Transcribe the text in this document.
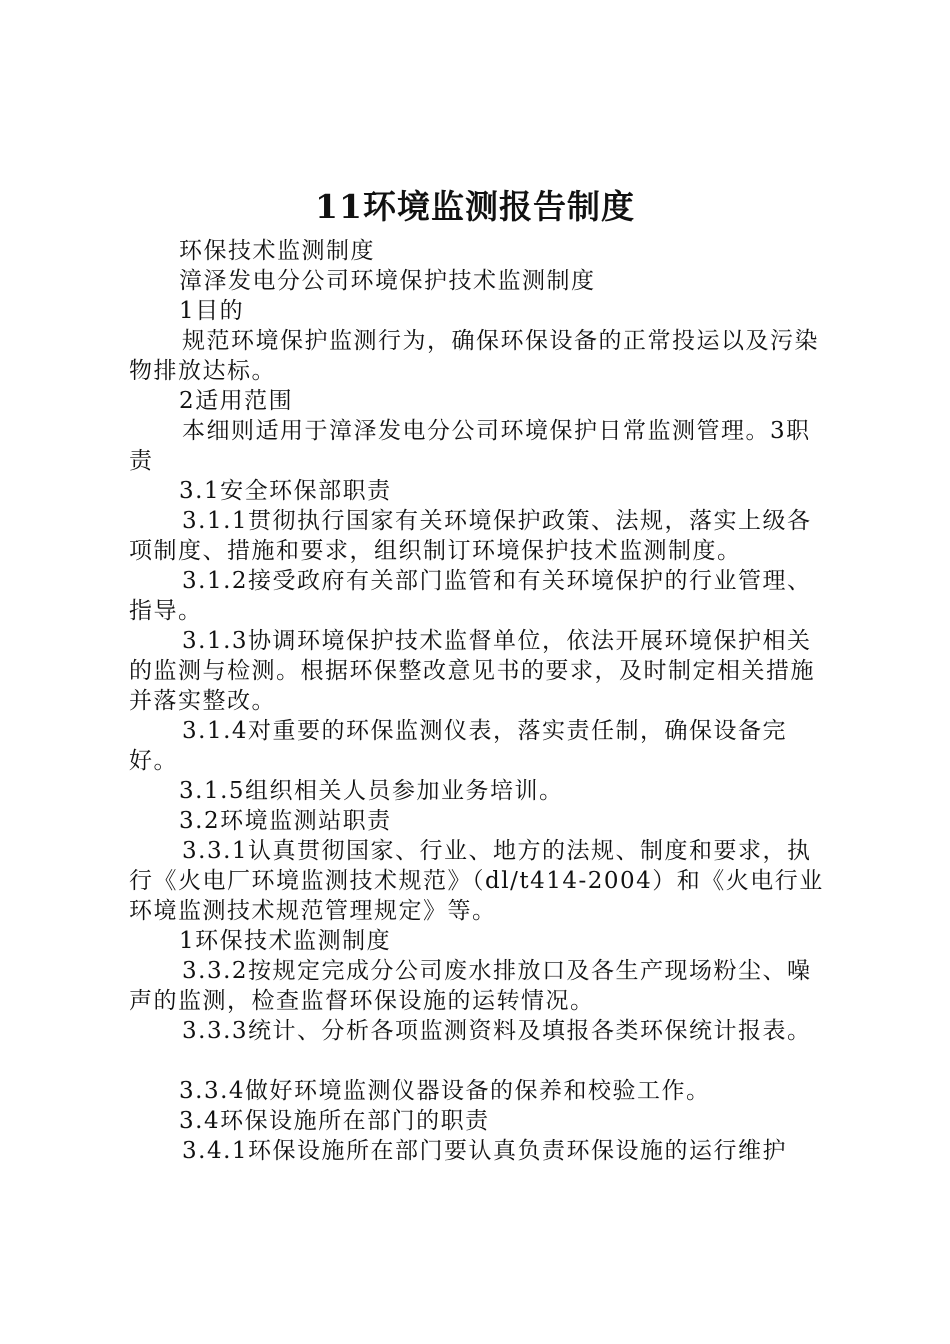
11环境监测报告制度

环保技术监测制度

漳泽发电分公司环境保护技术监测制度

1目的

规范环境保护监测行为，确保环保设备的正常投运以及污染物排放达标。

2适用范围

本细则适用于漳泽发电分公司环境保护日常监测管理。3职责

3.1安全环保部职责

3.1.1贯彻执行国家有关环境保护政策、法规，落实上级各项制度、措施和要求，组织制订环境保护技术监测制度。

3.1.2接受政府有关部门监管和有关环境保护的行业管理、指导。

3.1.3协调环境保护技术监督单位，依法开展环境保护相关的监测与检测。根据环保整改意见书的要求，及时制定相关措施并落实整改。

3.1.4对重要的环保监测仪表，落实责任制，确保设备完好。

3.1.5组织相关人员参加业务培训。

3.2环境监测站职责

3.3.1认真贯彻国家、行业、地方的法规、制度和要求，执行《火电厂环境监测技术规范》（dl/t414-2004）和《火电行业环境监测技术规范管理规定》等。

1环保技术监测制度

3.3.2按规定完成分公司废水排放口及各生产现场粉尘、噪声的监测，检查监督环保设施的运转情况。

3.3.3统计、分析各项监测资料及填报各类环保统计报表。

3.3.4做好环境监测仪器设备的保养和校验工作。

3.4环保设施所在部门的职责

3.4.1环保设施所在部门要认真负责环保设施的运行维护
